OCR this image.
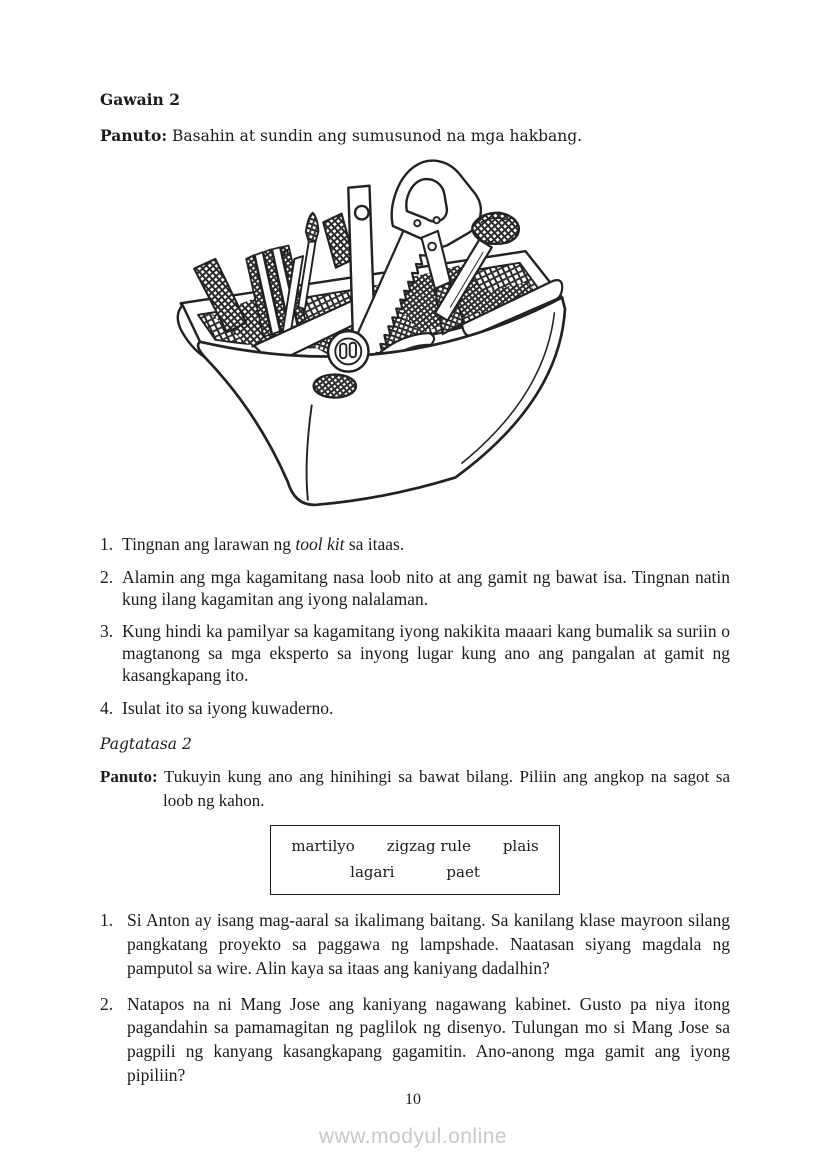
Gawain 2

Panuto: Basahin at sundin ang sumusunod na mga hakbang.

1. Tingnan ang larawan ng tool kit sa itaas.

2. Alamin ang mga kagamitang nasa loob nito at ang gamit ng bawat isa. Tingnan natin kung ilang kagamitan ang iyong nalalaman.

3. Kung hindi ka pamilyar sa kagamitang iyong nakikita maaari kang bumalik sa suriin o magtanong sa mga eksperto sa inyong lugar kung ano ang pangalan at gamit ng kasangkapang ito.

4. Isulat ito sa iyong kuwaderno.

Pagtatasa 2

Panuto: Tukuyin kung ano ang hinihingi sa bawat bilang. Piliin ang angkop na sagot sa loob ng kahon.

martilyo zigzag rule plais
lagari	paet

1. Si Anton ay isang mag-aaral sa ikalimang baitang. Sa kanilang klase mayroon silang pangkatang proyekto sa paggawa ng lampshade. Naatasan siyang magdala ng pamputol sa wire. Alin kaya sa itaas ang kaniyang dadalhin?

2. Natapos na ni Mang Jose ang kaniyang nagawang kabinet. Gusto pa niya itong pagandahin sa pamamagitan ng paglilok ng disenyo. Tulungan mo si Mang Jose sa pagpili ng kanyang kasangkapang gagamitin. Ano-anong mga gamit ang iyong pipiliin?

10
www.modyul.online
